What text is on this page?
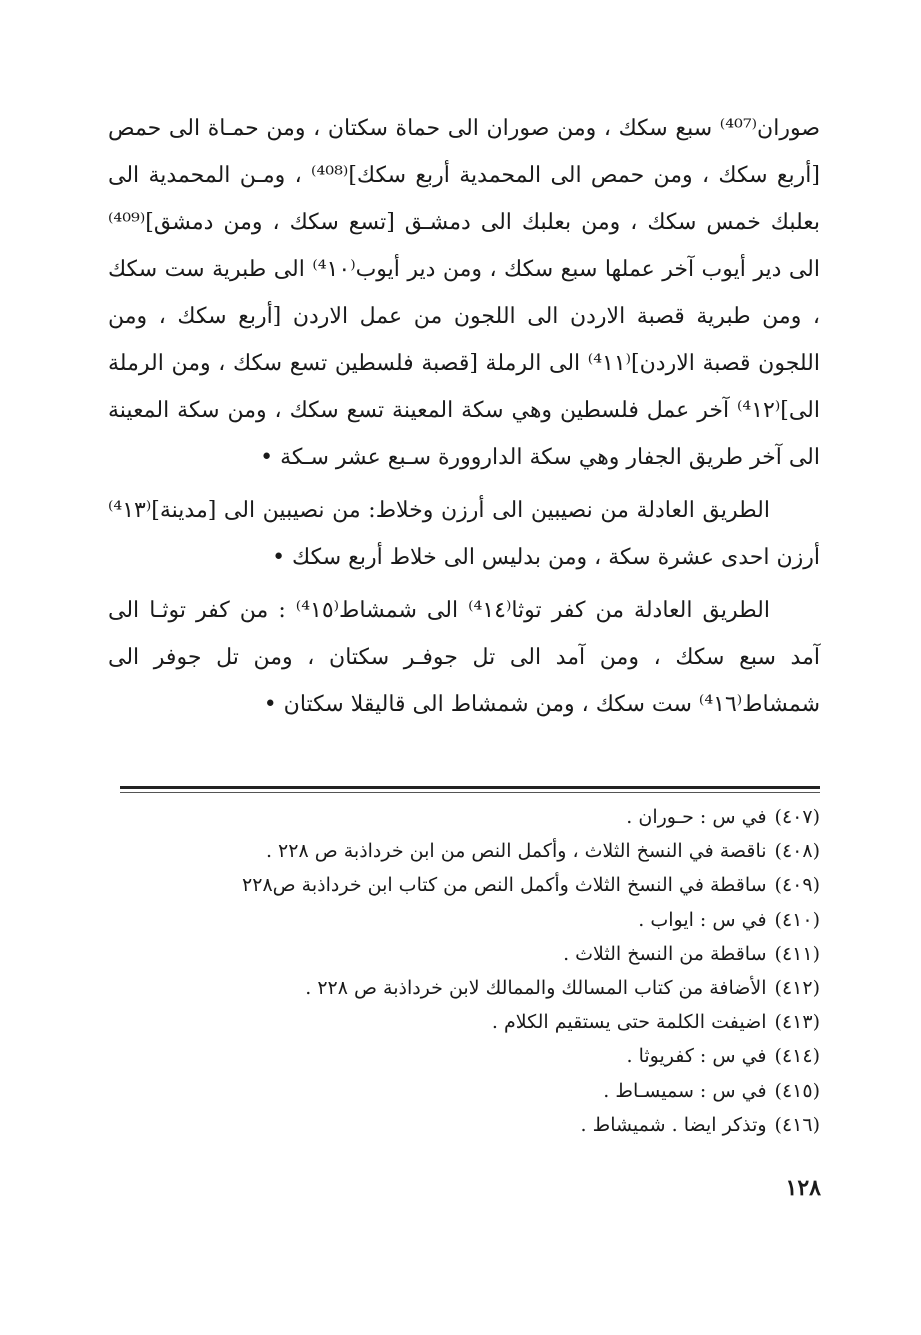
صوران⁽⁴⁰⁷⁾ سبع سكك ، ومن صوران الى حماة سكتان ، ومن حمـاة الى حمص [أربع سكك ، ومن حمص الى المحمدية أربع سكك]⁽⁴⁰⁸⁾ ، ومـن المحمدية الى بعلبك خمس سكك ، ومن بعلبك الى دمشـق [تسع سكك ، ومن دمشق]⁽⁴⁰⁹⁾ الى دير أيوب آخر عملها سبع سكك ، ومن دير أيوب⁽⁴١٠⁾ الى طبرية ست سكك ، ومن طبرية قصبة الاردن الى اللجون من عمل الاردن [أربع سكك ، ومن اللجون قصبة الاردن]⁽⁴١١⁾ الى الرملة [قصبة فلسطين تسع سكك ، ومن الرملة الى]⁽⁴١٢⁾ آخر عمل فلسطين وهي سكة المعينة تسع سكك ، ومن سكة المعينة الى آخر طريق الجفار وهي سكة الداروورة سـبع عشر سـكة •

الطريق العادلة من نصيبين الى أرزن وخلاط: من نصيبين الى [مدينة]⁽⁴١٣⁾ أرزن احدى عشرة سكة ، ومن بدليس الى خلاط أربع سكك •

الطريق العادلة من كفر توثا⁽⁴١٤⁾ الى شمشاط⁽⁴١٥⁾ : من كفر توثـا الى آمد سبع سكك ، ومن آمد الى تل جوفـر سكتان ، ومن تل جوفر الى شمشاط⁽⁴١٦⁾ ست سكك ، ومن شمشاط الى قاليقلا سكتان •

(٤٠٧)في س : حـوران .
(٤٠٨)ناقصة في النسخ الثلاث ، وأكمل النص من ابن خرداذبة ص ٢٢٨ .
(٤٠٩)ساقطة في النسخ الثلاث وأكمل النص من كتاب ابن خرداذبة ص٢٢٨
(٤١٠)في س : ايواب .
(٤١١)ساقطة من النسخ الثلاث .
(٤١٢)الأضافة من كتاب المسالك والممالك لابن خرداذبة ص ٢٢٨ .
(٤١٣)اضيفت الكلمة حتى يستقيم الكلام .
(٤١٤)في س : كفريوثا .
(٤١٥)في س : سميسـاط .
(٤١٦)وتذكر ايضا . شميشاط .
١٢٨
